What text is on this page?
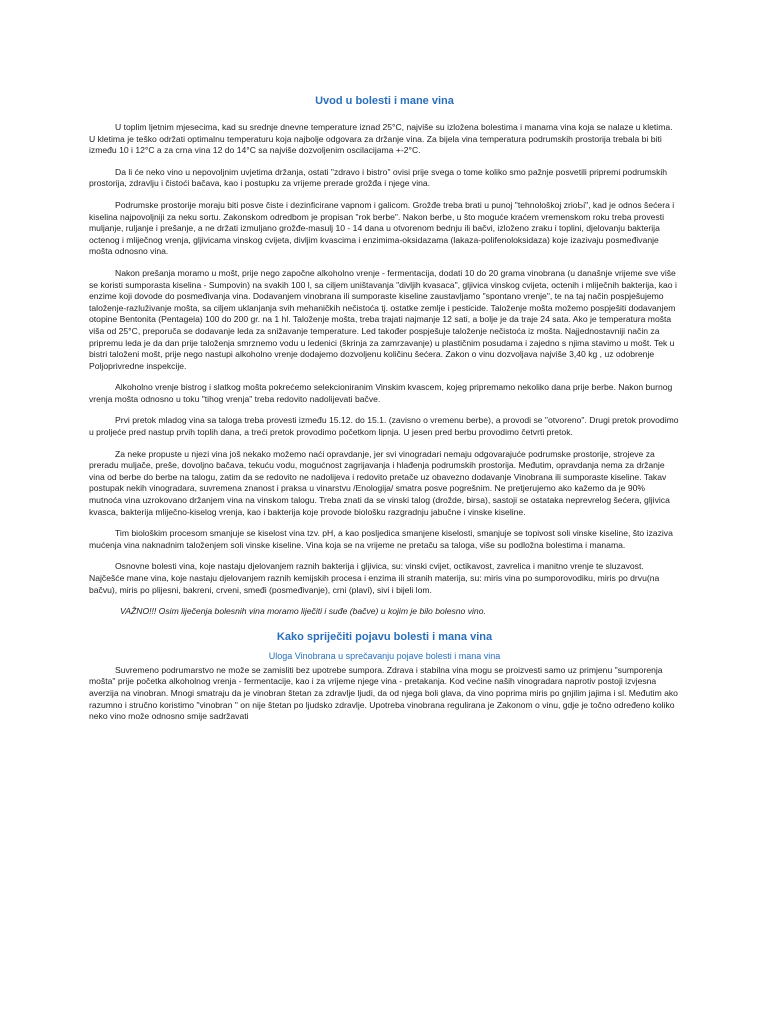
Uvod u bolesti i mane vina

U toplim ljetnim mjesecima, kad su srednje dnevne temperature iznad 25°C, najviše su izložena bolestima i manama vina koja se nalaze u kletima. U kletima je teško održati optimalnu temperaturu koja najbolje odgovara za držanje vina. Za bijela vina temperatura podrumskih prostorija trebala bi biti između 10 i 12°C a za crna vina 12 do 14°C sa najviše dozvoljenim oscilacijama +-2°C.

Da li će neko vino u nepovoljnim uvjetima držanja, ostati "zdravo i bistro" ovisi prije svega o tome koliko smo pažnje posvetili pripremi podrumskih prostorija, zdravlju i čistoći bačava, kao i postupku za vrijeme prerade grožđa i njege vina.

Podrumske prostorije moraju biti posve čiste i dezinficirane vapnom i galicom. Grožđe treba brati u punoj "tehnološkoj zrioЬi", kad je odnos šećera i kiselina najpovoljniji za neku sortu. Zakonskom odredbom je propisan "rok berbe". Nakon berbe, u što moguće kraćem vremenskom roku treba provesti muljanje, ruljanje i prešanje, a ne držati izmuljano grožđe-masulj 10 - 14 dana u otvorenom bednju ili bačvi, izloženo zraku i toplini, djelovanju bakterija octenog i mliječnog vrenja, gljivicama vinskog cvijeta, divljim kvascima i enzimima-oksidazama (lakaza-polifenoloksidaza) koje izazivaju posmeđivanje mošta odnosno vina.

Nakon prešanja moramo u mošt, prije nego započne alkoholno vrenje - fermentacija, dodati 10 do 20 grama vinobrana (u današnje vrijeme sve više se koristi sumporasta kiselina - Sumpovin) na svakih 100 l, sa ciljem uništavanja "divljih kvasaca", gljivica vinskog cvijeta, octenih i mliječnih bakterija, kao i enzime koji dovode do posmeđivanja vina. Dodavanjem vinobrana ili sumporaste kiseline zaustavljamo "spontano vrenje", te na taj način pospješujemo taloženje-razluživanje mošta, sa ciljem uklanjanja svih mehaničkih nečistoća tj. ostatke zemlje i pesticide. Taloženje mošta možemo pospješiti dodavanjem otopine Bentonita (Pentagela) 100 do 200 gr. na 1 hl. Taloženje mošta, treba trajati najmanje 12 sati, a bolje je da traje 24 sata. Ako je temperatura mošta viša od 25°C, preporuča se dodavanje leda za snižavanje temperature. Led također pospješuje taloženje nečistoća iz mošta. Najjednostavniji način za pripremu leda je da dan prije taloženja smrznemo vodu u ledenici (škrinja za zamrzavanje) u plastičnim posudama i zajedno s njima stavimo u mošt. Tek u bistri taloženi mošt, prije nego nastupi alkoholno vrenje dodajemo dozvoljenu količinu šećera. Zakon o vinu dozvoljava najviše 3,40 kg , uz odobrenje Poljoprivredne inspekcije.

Alkoholno vrenje bistrog i slatkog mošta pokrećemo selekcioniranim Vinskim kvascem, kojeg pripremamo nekoliko dana prije berbe. Nakon burnog vrenja mošta odnosno u toku "tihog vrenja" treba redovito nadolijevati bačve.

Prvi pretok mladog vina sa taloga treba provesti između 15.12. do 15.1. (zavisno o vremenu berbe), a provodi se "otvoreno". Drugi pretok provodimo u proljeće pred nastup prvih toplih dana, a treći pretok provodimo početkom lipnja. U jesen pred berbu provodimo četvrti pretok.

Za neke propuste u njezi vina još nekako možemo naći opravdanje, jer svi vinogradari nemaju odgovarajuće podrumske prostorije, strojeve za preradu muljače, preše, dovoljno bačava, tekuću vodu, mogućnost zagrijavanja i hlađenja podrumskih prostorija. Međutim, opravdanja nema za držanje vina od berbe do berbe na talogu, zatim da se redovito ne nadolijeva i redovito pretače uz obavezno dodavanje Vinobrana ili sumporaste kiseline. Takav postupak nekih vinogradara, suvremena znanost i praksa u vinarstvu /Enologija/ smatra posve pogrešnim. Ne pretjerujemo ako kažemo da je 90% mutnoća vina uzrokovano držanjem vina na vinskom talogu. Treba znati da se vinski talog (drožde, birsa), sastoji se ostataka neprevrelog šećera, gljivica kvasca, bakterija mliječno-kiselog vrenja, kao i bakterija koje provode biološku razgradnju jabučne i vinske kiseline.

Tim biološkim procesom smanjuje se kiselost vina tzv. pH, a kao posljedica smanjene kiselosti, smanjuje se topivost soli vinske kiseline, što izaziva mućenja vina naknadnim taloženjem soli vinske kiseline. Vina koja se na vrijeme ne pretaču sa taloga, više su podložna bolestima i manama.

Osnovne bolesti vina, koje nastaju djelovanjem raznih bakterija i gljivica, su: vinski cvijet, octikavost, zavrelica i manitno vrenje te sluzavost. Najčešće mane vina, koje nastaju djelovanjem raznih kemijskih procesa i enzima ili stranih materija, su: miris vina po sumporovodiku, miris po drvu(na bačvu), miris po plijesni, bakreni, crveni, smeđi (posmeđivanje), crni (plavi), sivi i bijeli lom.

VAŽNO!!! Osim liječenja bolesnih vina moramo liječiti i suđe (bačve) u kojim je bilo bolesno vino.

Kako spriječiti pojavu bolesti i mana vina
Uloga Vinobrana u sprečavanju pojave bolesti i mana vina

Suvremeno podrumarstvo ne može se zamisliti bez upotrebe sumpora. Zdrava i stabilna vina mogu se proizvesti samo uz primjenu "sumporenja mošta" prije početka alkoholnog vrenja - fermentacije, kao i za vrijeme njege vina - pretakanja. Kod većine naših vinogradara naprotiv postoji izvjesna averzija na vinobran. Mnogi smatraju da je vinobran štetan za zdravlje ljudi, da od njega boli glava, da vino poprima miris po gnjilim jajima i sl. Međutim ako razumno i stručno koristimo "vinobran " on nije štetan po ljudsko zdravlje. Upotreba vinobrana regulirana je Zakonom o vinu, gdje je točno određeno koliko neko vino može odnosno smije sadržavati
